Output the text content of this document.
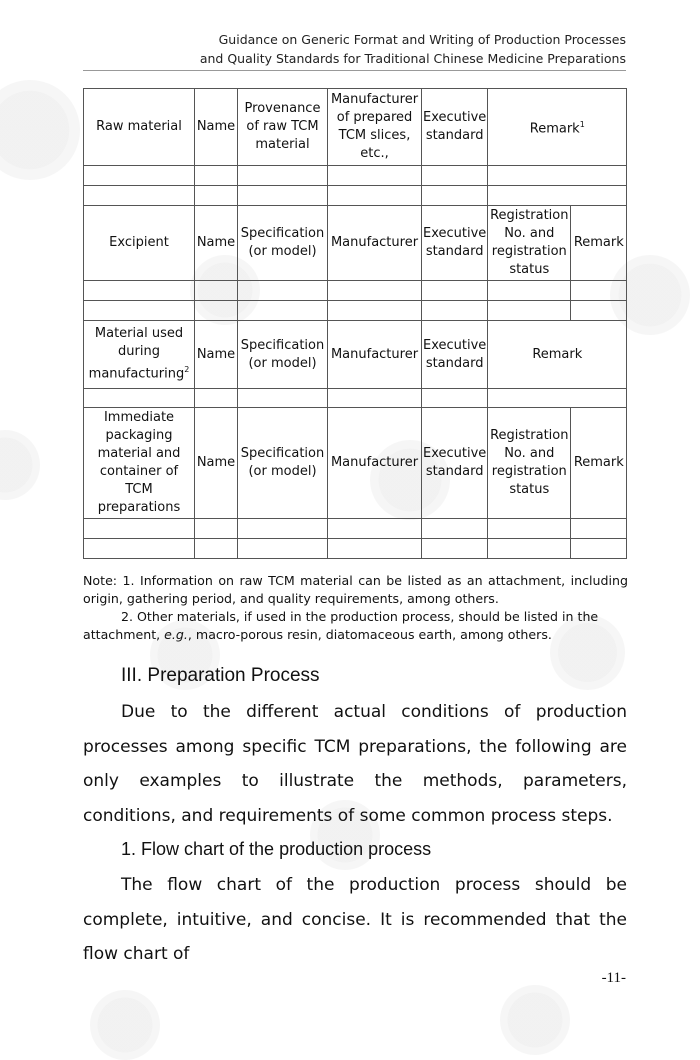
Guidance on Generic Format and Writing of Production Processes
and Quality Standards for Traditional Chinese Medicine Preparations
Raw material	Name	Provenance of raw TCM material	Manufacturer of prepared TCM slices, etc.,	Executive standard	Remark$^1$

Excipient	Name	Specification (or model)	Manufacturer	Executive standard	Registration No. and registration status	Remark

Material used during manufacturing$^2$	Name	Specification (or model)	Manufacturer	Executive standard	Remark	

Immediate packaging material and container of TCM preparations	Name	Specification (or model)	Manufacturer	Executive standard	Registration No. and registration status	Remark

Note: 1. Information on raw TCM material can be listed as an attachment, including origin, gathering period, and quality requirements, among others.

2. Other materials, if used in the production process, should be listed in the attachment, e.g., macro-porous resin, diatomaceous earth, among others.

III. Preparation Process

Due to the different actual conditions of production processes among specific TCM preparations, the following are only examples to illustrate the methods, parameters, conditions, and requirements of some common process steps.

1. Flow chart of the production process

The flow chart of the production process should be complete, intuitive, and concise. It is recommended that the flow chart of

-11-
